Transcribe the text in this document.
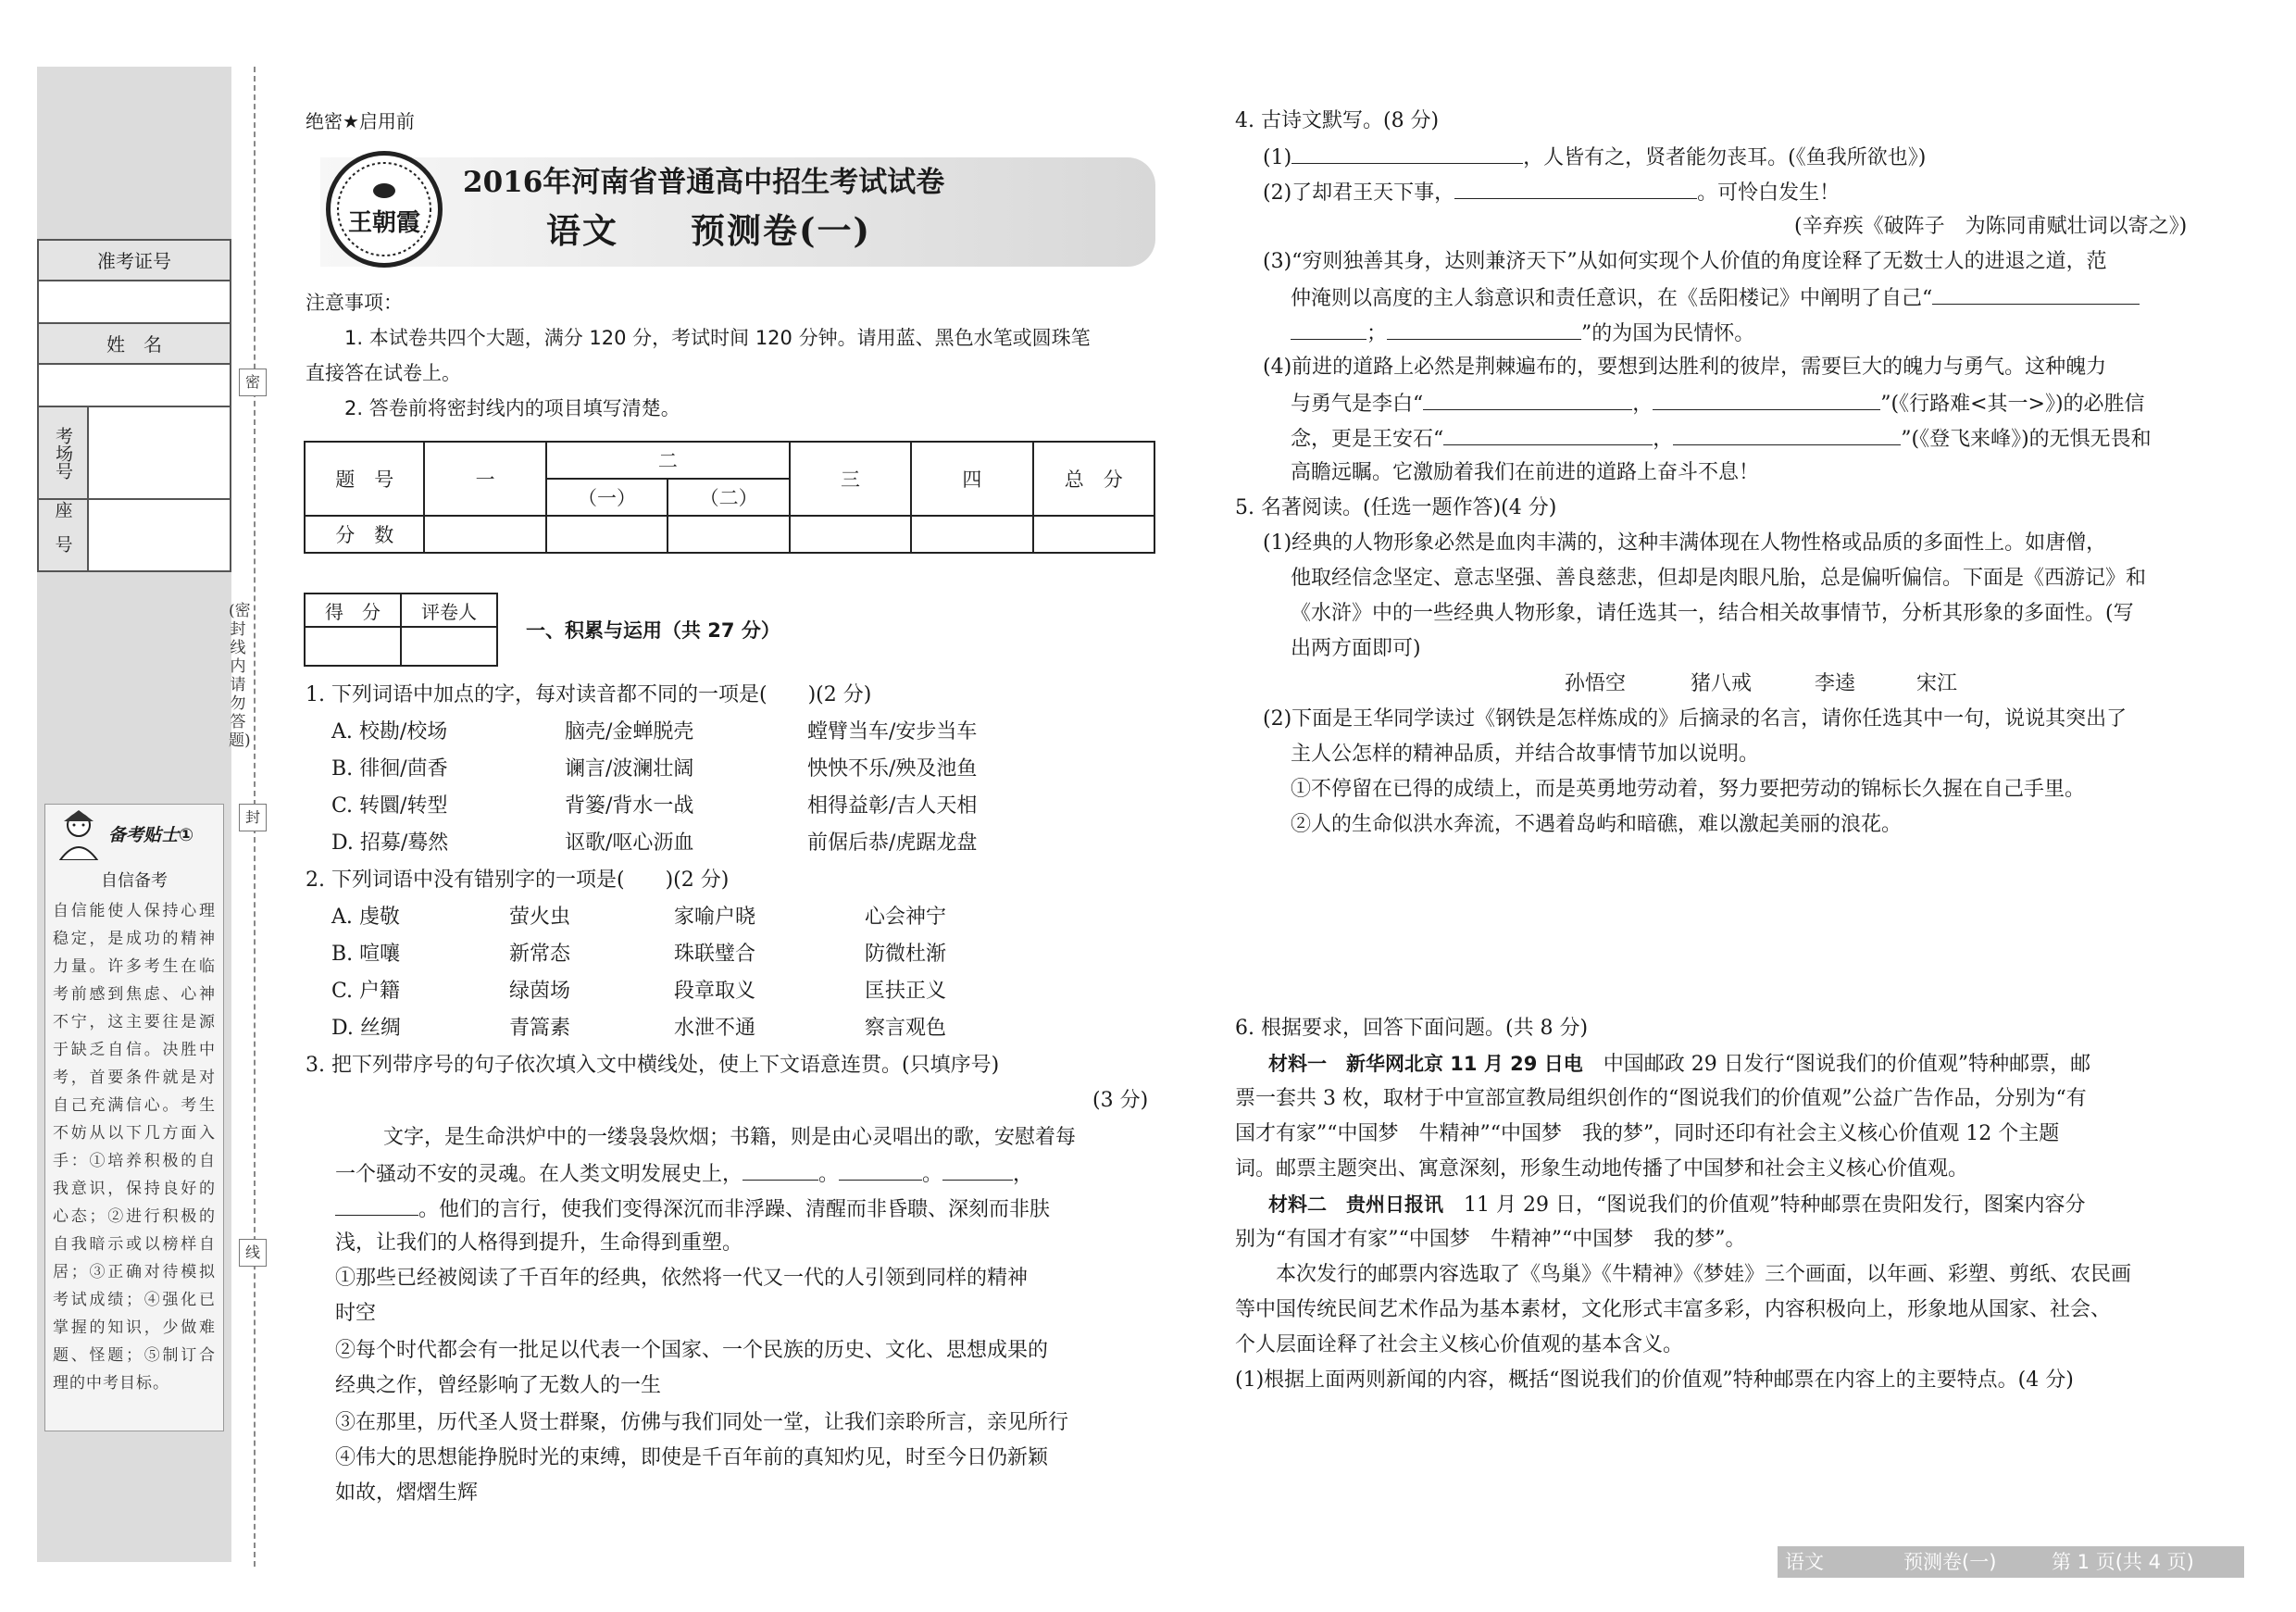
准考证号
姓　名
考场号
座号
密
封
线
(密封线内请勿答题)
备考贴士①
自信备考
自信能使人保持心理稳定，是成功的精神力量。许多考生在临考前感到焦虑、心神不宁，这主要往是源于缺乏自信。决胜中考，首要条件就是对自己充满信心。考生不妨从以下几方面入手：①培养积极的自我意识，保持良好的心态；②进行积极的自我暗示或以榜样自居；③正确对待模拟考试成绩；④强化已掌握的知识，少做难题、怪题；⑤制订合理的中考目标。
绝密★启用前
王朝霞
2016年河南省普通高中招生考试试卷
语文　　预测卷(一)
注意事项：
1. 本试卷共四个大题，满分 120 分，考试时间 120 分钟。请用蓝、黑色水笔或圆珠笔
直接答在试卷上。
2. 答卷前将密封线内的项目填写清楚。
题　号	一	二		三	四	总　分
		（一）	（二）			
分　数						
得　分	评卷人

一、积累与运用（共 27 分）
1. 下列词语中加点的字，每对读音都不同的一项是(　　)(2 分)
A. 校勘/校场	脑壳/金蝉脱壳	螳臂当车/安步当车
B. 徘徊/茴香	谰言/波澜壮阔	怏怏不乐/殃及池鱼
C. 转圜/转型	背篓/背水一战	相得益彰/吉人天相
D. 招募/蓦然	讴歌/呕心沥血	前倨后恭/虎踞龙盘
2. 下列词语中没有错别字的一项是(　　)(2 分)
A. 虔敬	萤火虫	家喻户晓	心会神宁
B. 喧嚷	新常态	珠联璧合	防微杜渐
C. 户籍	绿茵场	段章取义	匡扶正义
D. 丝绸	青篙素	水泄不通	察言观色
3. 把下列带序号的句子依次填入文中横线处，使上下文语意连贯。(只填序号)
(3 分)
文字，是生命洪炉中的一缕袅袅炊烟；书籍，则是由心灵唱出的歌，安慰着每
一个骚动不安的灵魂。在人类文明发展史上，	。	。	，
。他们的言行，使我们变得深沉而非浮躁、清醒而非昏聩、深刻而非肤
浅，让我们的人格得到提升，生命得到重塑。
①那些已经被阅读了千百年的经典，依然将一代又一代的人引领到同样的精神
时空
②每个时代都会有一批足以代表一个国家、一个民族的历史、文化、思想成果的
经典之作，曾经影响了无数人的一生
③在那里，历代圣人贤士群聚，仿佛与我们同处一堂，让我们亲聆所言，亲见所行
④伟大的思想能挣脱时光的束缚，即使是千百年前的真知灼见，时至今日仍新颖
如故，熠熠生辉
4. 古诗文默写。(8 分)
(1)	，人皆有之，贤者能勿丧耳。(《鱼我所欲也》)
(2)了却君王天下事，	。可怜白发生！
(辛弃疾《破阵子　为陈同甫赋壮词以寄之》)
(3)“穷则独善其身，达则兼济天下”从如何实现个人价值的角度诠释了无数士人的进退之道，范
仲淹则以高度的主人翁意识和责任意识，在《岳阳楼记》中阐明了自己“
；	”的为国为民情怀。
(4)前进的道路上必然是荆棘遍布的，要想到达胜利的彼岸，需要巨大的魄力与勇气。这种魄力
与勇气是李白“	，	”(《行路难<其一>》)的必胜信
念，更是王安石“	，	”(《登飞来峰》)的无惧无畏和
高瞻远瞩。它激励着我们在前进的道路上奋斗不息！
5. 名著阅读。(任选一题作答)(4 分)
(1)经典的人物形象必然是血肉丰满的，这种丰满体现在人物性格或品质的多面性上。如唐僧，
他取经信念坚定、意志坚强、善良慈悲，但却是肉眼凡胎，总是偏听偏信。下面是《西游记》和
《水浒》中的一些经典人物形象，请任选其一，结合相关故事情节，分析其形象的多面性。(写
出两方面即可)
孙悟空	猪八戒	李逵	宋江
(2)下面是王华同学读过《钢铁是怎样炼成的》后摘录的名言，请你任选其中一句，说说其突出了
主人公怎样的精神品质，并结合故事情节加以说明。
①不停留在已得的成绩上，而是英勇地劳动着，努力要把劳动的锦标长久握在自己手里。
②人的生命似洪水奔流，不遇着岛屿和暗礁，难以激起美丽的浪花。
6. 根据要求，回答下面问题。(共 8 分)
材料一　新华网北京 11 月 29 日电　中国邮政 29 日发行“图说我们的价值观”特种邮票，邮
票一套共 3 枚，取材于中宣部宣教局组织创作的“图说我们的价值观”公益广告作品，分别为“有
国才有家”“中国梦　牛精神”“中国梦　我的梦”，同时还印有社会主义核心价值观 12 个主题
词。邮票主题突出、寓意深刻，形象生动地传播了中国梦和社会主义核心价值观。
材料二　贵州日报讯　11 月 29 日，“图说我们的价值观”特种邮票在贵阳发行，图案内容分
别为“有国才有家”“中国梦　牛精神”“中国梦　我的梦”。
本次发行的邮票内容选取了《鸟巢》《牛精神》《梦娃》三个画面，以年画、彩塑、剪纸、农民画
等中国传统民间艺术作品为基本素材，文化形式丰富多彩，内容积极向上，形象地从国家、社会、
个人层面诠释了社会主义核心价值观的基本含义。
(1)根据上面两则新闻的内容，概括“图说我们的价值观”特种邮票在内容上的主要特点。(4 分)
语文	预测卷(一)	第 1 页(共 4 页)
